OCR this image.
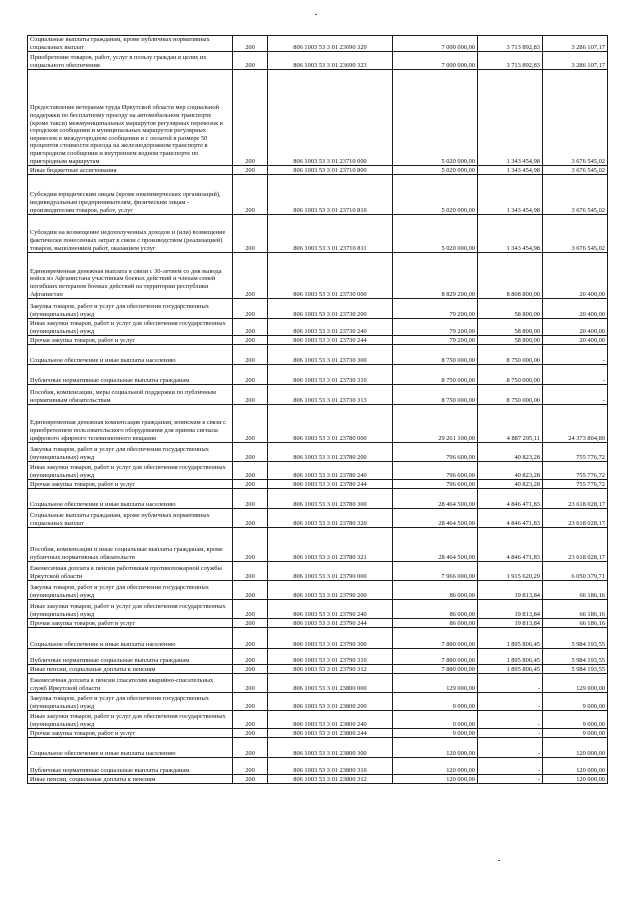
Социальные выплаты гражданам, кроме публичных нормативных социальных выплат	200	806 1003 53 3 01 23690 320	7 000 000,00	3 713 892,83	3 286 107,17
Приобретение товаров, работ, услуг в пользу граждан в целях их социального обеспечения	200	806 1003 53 3 01 23690 323	7 000 000,00	3 713 892,83	3 286 107,17
Предоставление ветеранам труда Иркутской области мер социальной поддержки по бесплатному проезду на автомобильном транспорте (кроме такси) межмуниципальных маршрутов регулярных перевозок в городском сообщении и муниципальных маршрутов регулярных перевозок в междугородном сообщении и с оплатой в размере 50 процентов стоимости проезда на железнодорожном транспорте в пригородном сообщении и внутреннем водном транспорте по пригородным маршрутам	200	806 1003 53 3 01 23710 000	5 020 000,00	1 343 454,98	3 676 545,02
Иные бюджетные ассигнования	200	806 1003 53 3 01 23710 800	5 020 000,00	1 343 454,98	3 676 545,02
Субсидии юридическим лицам (кроме некоммерческих организаций), индивидуальным предпринимателям, физическим лицам - производителям товаров, работ, услуг	200	806 1003 53 3 01 23710 810	5 020 000,00	1 343 454,98	3 676 545,02
Субсидии на возмещение недополученных доходов и (или) возмещение фактически понесенных затрат в связи с производством (реализацией) товаров, выполнением работ, оказанием услуг	200	806 1003 53 3 01 23710 811	5 020 000,00	1 343 454,98	3 676 545,02
Единовременная денежная выплата в связи с 30-летием со дня вывода войск из Афганистана участникам боевых действий и членам семей погибших ветеранов боевых действий на территории республики Афганистан	200	806 1003 53 3 01 23730 000	8 829 200,00	8 808 800,00	20 400,00
Закупка товаров, работ и услуг для обеспечения государственных (муниципальных) нужд	200	806 1003 53 3 01 23730 200	79 200,00	58 800,00	20 400,00
Иные закупки товаров, работ и услуг для обеспечения государственных (муниципальных) нужд	200	806 1003 53 3 01 23730 240	79 200,00	58 800,00	20 400,00
Прочая закупка товаров, работ и услуг	200	806 1003 53 3 01 23730 244	79 200,00	58 800,00	20 400,00
Социальное обеспечение и иные выплаты населению	200	806 1003 53 3 01 23730 300	8 750 000,00	8 750 000,00	-
Публичные нормативные социальные выплаты гражданам	200	806 1003 53 3 01 23730 310	8 750 000,00	8 750 000,00	-
Пособия, компенсации, меры социальной поддержки по публичным нормативным обязательствам	200	806 1003 53 3 01 23730 313	8 750 000,00	8 750 000,00	-
Единовременная денежная компенсация гражданам, воинским в связи с приобретением пользовательского оборудования для приема сигнала цифрового эфирного телевизионного вещания	200	806 1003 53 3 01 23780 000	29 261 100,00	4 887 295,11	24 373 804,89
Закупка товаров, работ и услуг для обеспечения государственных (муниципальных) нужд	200	806 1003 53 3 01 23780 200	796 600,00	40 823,28	755 776,72
Иные закупки товаров, работ и услуг для обеспечения государственных (муниципальных) нужд	200	806 1003 53 3 01 23780 240	796 600,00	40 823,28	755 776,72
Прочая закупка товаров, работ и услуг	200	806 1003 53 3 01 23780 244	796 600,00	40 823,28	755 776,72
Социальное обеспечение и иные выплаты населению	200	806 1003 53 3 01 23780 300	28 464 500,00	4 846 471,83	23 618 028,17
Социальные выплаты гражданам, кроме публичных нормативных социальных выплат	200	806 1003 53 3 01 23780 320	28 464 500,00	4 846 471,83	23 618 028,17
Пособия, компенсации и иные социальные выплаты гражданам, кроме публичных нормативных обязательств	200	806 1003 53 3 01 23780 321	28 464 500,00	4 846 471,83	23 618 028,17
Ежемесячная доплата к пенсии работникам противопожарной службы Иркутской области	200	806 1003 53 3 01 23790 000	7 966 000,00	1 915 620,29	6 050 379,71
Закупка товаров, работ и услуг для обеспечения государственных (муниципальных) нужд	200	806 1003 53 3 01 23790 200	86 000,00	19 813,84	66 186,16
Иные закупки товаров, работ и услуг для обеспечения государственных (муниципальных) нужд	200	806 1003 53 3 01 23790 240	86 000,00	19 813,84	66 186,16
Прочая закупка товаров, работ и услуг	200	806 1003 53 3 01 23790 244	86 000,00	19 813,84	66 186,16
Социальное обеспечение и иные выплаты населению	200	806 1003 53 3 01 23790 300	7 880 000,00	1 895 806,45	5 984 193,55
Публичные нормативные социальные выплаты гражданам	200	806 1003 53 3 01 23790 310	7 880 000,00	1 895 806,45	5 984 193,55
Иные пенсии, социальные доплаты к пенсиям	200	806 1003 53 3 01 23790 312	7 880 000,00	1 895 806,45	5 984 193,55
Ежемесячная доплата к пенсии спасателям аварийно-спасательных служб Иркутской области	200	806 1003 53 3 01 23800 000	129 000,00	-	129 000,00
Закупка товаров, работ и услуг для обеспечения государственных (муниципальных) нужд	200	806 1003 53 3 01 23800 200	9 000,00	-	9 000,00
Иные закупки товаров, работ и услуг для обеспечения государственных (муниципальных) нужд	200	806 1003 53 3 01 23800 240	9 000,00	-	9 000,00
Прочая закупка товаров, работ и услуг	200	806 1003 53 3 01 23800 244	9 000,00	-	9 000,00
Социальное обеспечение и иные выплаты населению	200	806 1003 53 3 01 23800 300	120 000,00	-	120 000,00
Публичные нормативные социальные выплаты гражданам	200	806 1003 53 3 01 23800 310	120 000,00	-	120 000,00
Иные пенсии, социальные доплаты к пенсиям	200	806 1003 53 3 01 23800 312	120 000,00	-	120 000,00
